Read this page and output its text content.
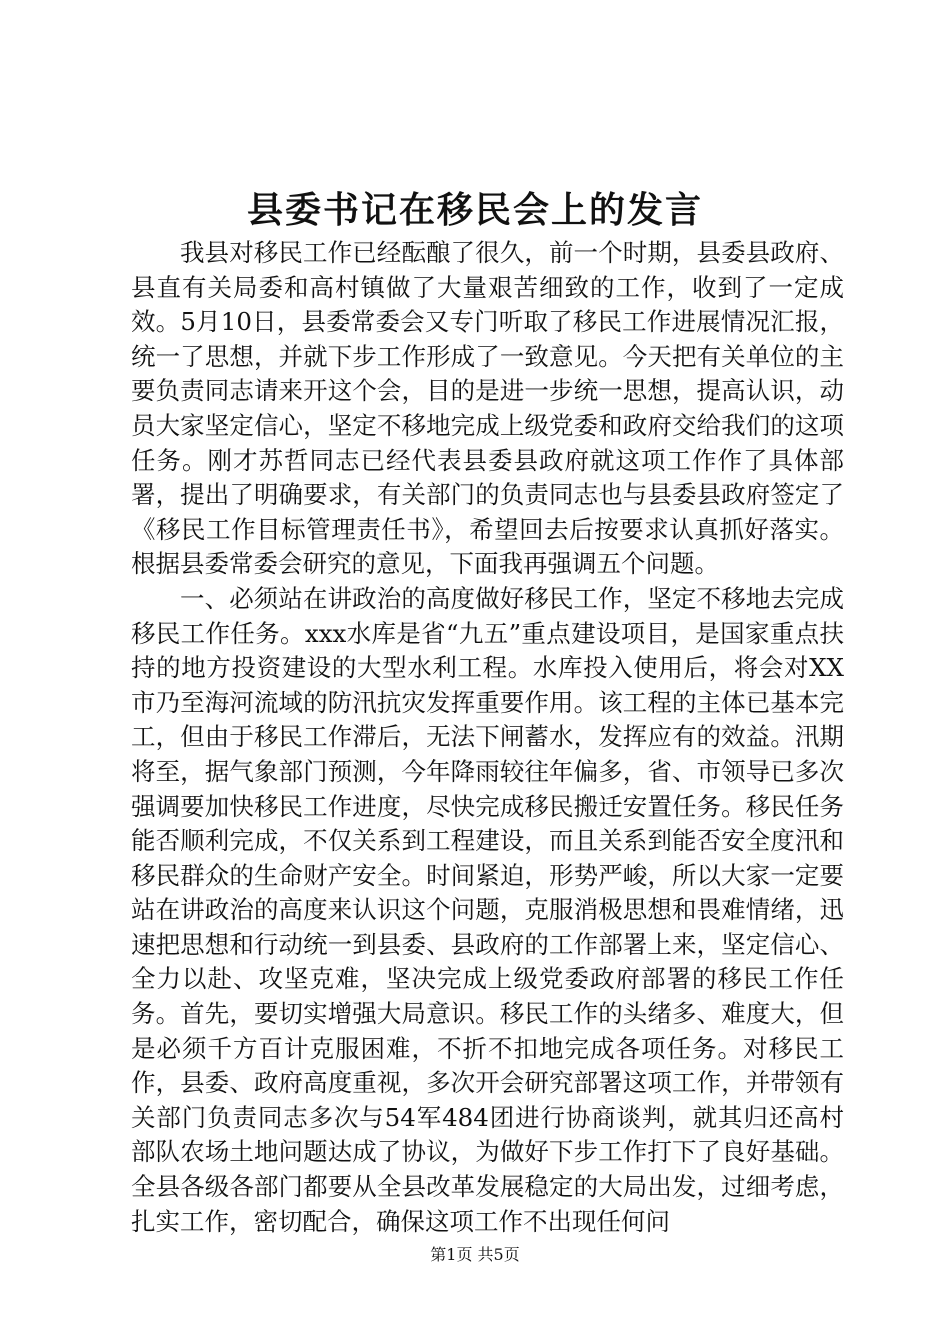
县委书记在移民会上的发言

我县对移民工作已经酝酿了很久，前一个时期，县委县政府、县直有关局委和高村镇做了大量艰苦细致的工作，收到了一定成效。5月10日，县委常委会又专门听取了移民工作进展情况汇报，统一了思想，并就下步工作形成了一致意见。今天把有关单位的主要负责同志请来开这个会，目的是进一步统一思想，提高认识，动员大家坚定信心，坚定不移地完成上级党委和政府交给我们的这项任务。刚才苏哲同志已经代表县委县政府就这项工作作了具体部署，提出了明确要求，有关部门的负责同志也与县委县政府签定了《移民工作目标管理责任书》，希望回去后按要求认真抓好落实。根据县委常委会研究的意见，下面我再强调五个问题。

一、必须站在讲政治的高度做好移民工作，坚定不移地去完成移民工作任务。xxx水库是省“九五”重点建设项目，是国家重点扶持的地方投资建设的大型水利工程。水库投入使用后，将会对XX市乃至海河流域的防汛抗灾发挥重要作用。该工程的主体已基本完工，但由于移民工作滞后，无法下闸蓄水，发挥应有的效益。汛期将至，据气象部门预测，今年降雨较往年偏多，省、市领导已多次强调要加快移民工作进度，尽快完成移民搬迁安置任务。移民任务能否顺利完成，不仅关系到工程建设，而且关系到能否安全度汛和移民群众的生命财产安全。时间紧迫，形势严峻，所以大家一定要站在讲政治的高度来认识这个问题，克服消极思想和畏难情绪，迅速把思想和行动统一到县委、县政府的工作部署上来，坚定信心、全力以赴、攻坚克难，坚决完成上级党委政府部署的移民工作任务。首先，要切实增强大局意识。移民工作的头绪多、难度大，但是必须千方百计克服困难，不折不扣地完成各项任务。对移民工作，县委、政府高度重视，多次开会研究部署这项工作，并带领有关部门负责同志多次与54军484团进行协商谈判，就其归还高村部队农场土地问题达成了协议，为做好下步工作打下了良好基础。全县各级各部门都要从全县改革发展稳定的大局出发，过细考虑，扎实工作，密切配合，确保这项工作不出现任何问

第1页 共5页
